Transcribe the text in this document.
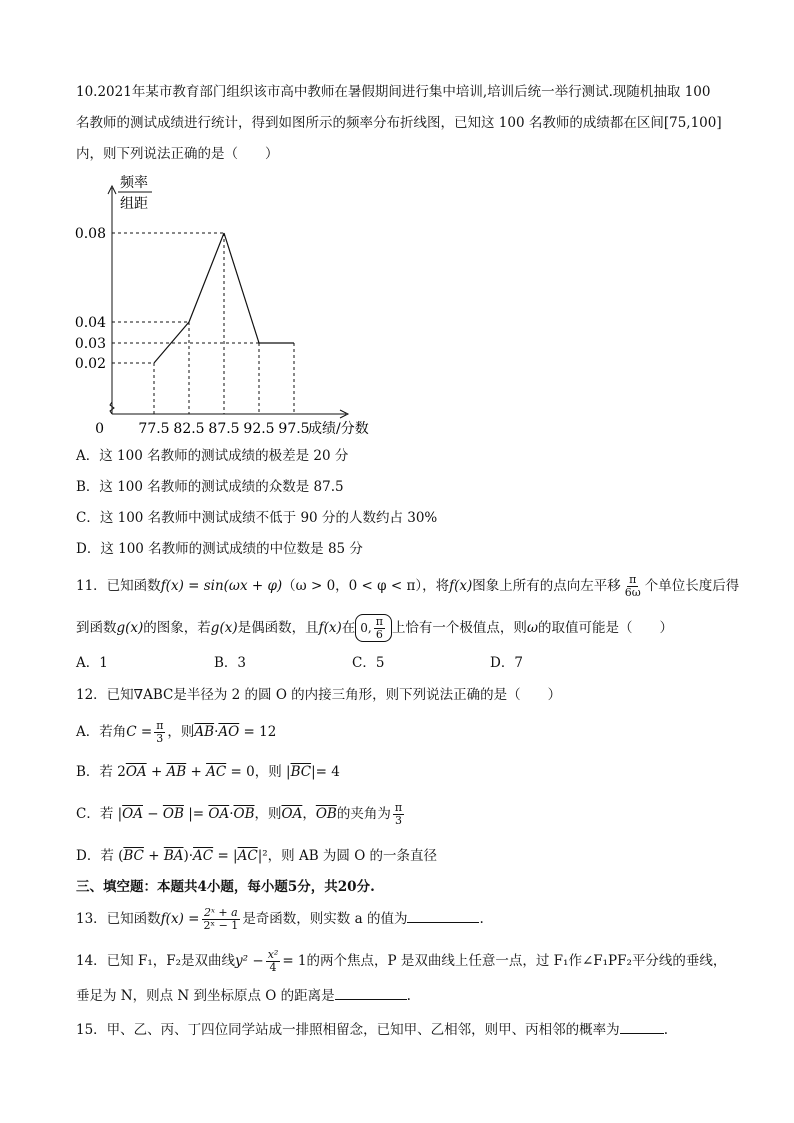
10.2021年某市教育部门组织该市高中教师在暑假期间进行集中培训,培训后统一举行测试.现随机抽取 100
名教师的测试成绩进行统计，得到如图所示的频率分布折线图，已知这 100 名教师的成绩都在区间[75,100]
内，则下列说法正确的是（　　）
频率
组距
0	成绩/分数
0.08
0.04
0.03
0.02
77.5 82.5 87.5 92.5 97.5
A．这 100 名教师的测试成绩的极差是 20 分
B．这 100 名教师的测试成绩的众数是 87.5
C．这 100 名教师中测试成绩不低于 90 分的人数约占 30%
D．这 100 名教师的测试成绩的中位数是 85 分
11．已知函数f(x) = sin(ωx + φ)（ω > 0，0 < φ < π），将f(x)图象上所有的点向左平移 $\frac{\pi}{6\omega}$ 个单位长度后得
到函数g(x)的图象，若g(x)是偶函数，且f(x)在 0, $\frac{\pi}{6}$ 上恰有一个极值点，则ω的取值可能是（　　）
A．1	B．3	C．5	D．7
12．已知∇ABC是半径为 2 的圆 O 的内接三角形，则下列说法正确的是（　　）
A．若角$C = \frac{\pi}{3}$ ，则$\overline{AB}\cdot\overline{AO} = 12$
B．若 $2\overline{OA} + \overline{AB} + \overline{AC} = 0$，则 $|\overline{BC}|= 4$
C．若 $|\overline{OA} - \overline{OB}$ |= $\overline{OA}\cdot\overline{OB}$，则$\overline{OA}$，$\overline{OB}$的夹角为 $\frac{\pi}{3}$
D．若 $(\overline{BC} + \overline{BA})\cdot\overline{AC} = |\overline{AC}|^2$，则 AB 为圆 O 的一条直径
三、填空题：本题共4小题，每小题5分，共20分.
13．已知函数$f(x) = \frac{\text{2ˣ + a}}{\text{2ˣ − 1}}$ 是奇函数，则实数 a 的值为	.
14．已知 F₁，F₂是双曲线$y^2 - \frac{\text{x²}}{4} = 1$的两个焦点，P 是双曲线上任意一点，过 F₁作∠F₁PF₂平分线的垂线，
垂足为 N，则点 N 到坐标原点 O 的距离是	.
15．甲、乙、丙、丁四位同学站成一排照相留念，已知甲、乙相邻，则甲、丙相邻的概率为	.
